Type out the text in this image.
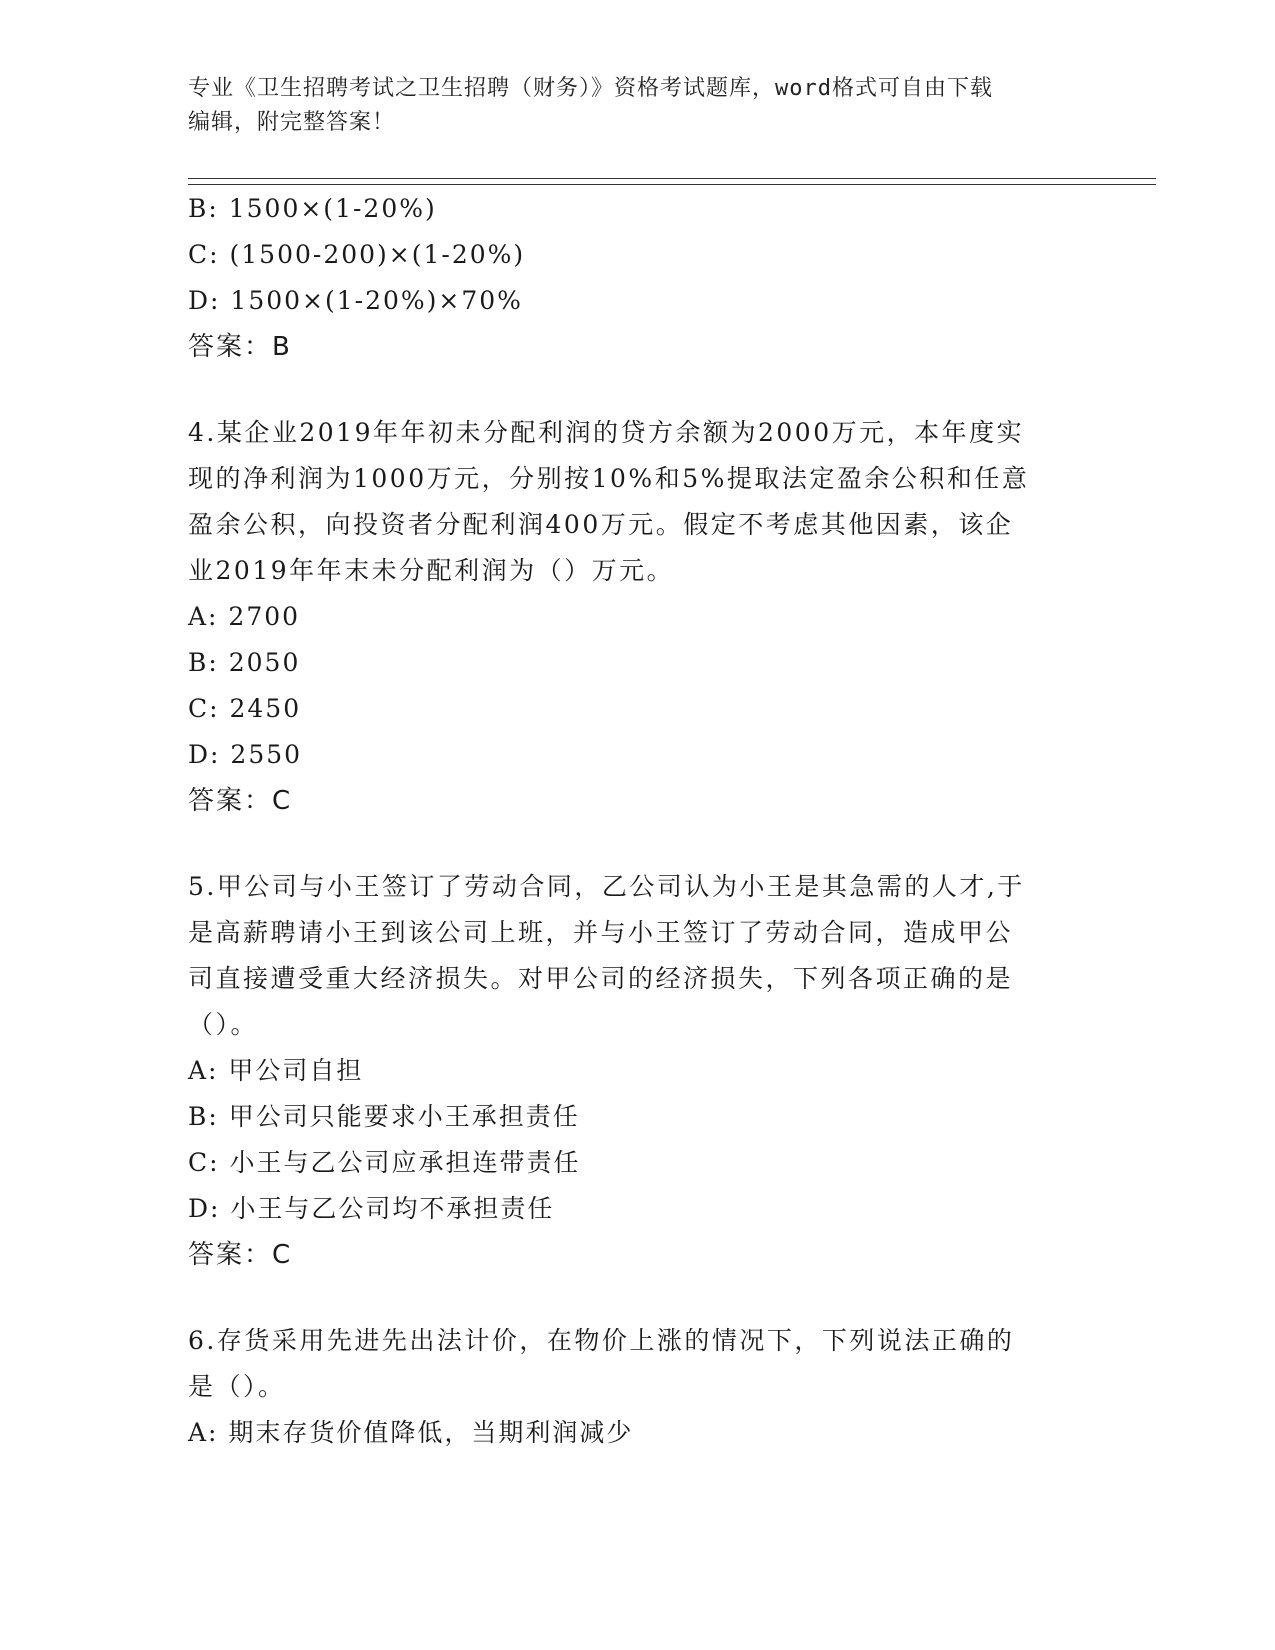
专业《卫生招聘考试之卫生招聘（财务）》资格考试题库，word格式可自由下载
编辑，附完整答案！
B: 1500×(1-20%)
C: (1500-200)×(1-20%)
D: 1500×(1-20%)×70%
答案：B
4.某企业2019年年初未分配利润的贷方余额为2000万元，本年度实
现的净利润为1000万元，分别按10%和5%提取法定盈余公积和任意
盈余公积，向投资者分配利润400万元。假定不考虑其他因素，该企
业2019年年末未分配利润为（）万元。
A: 2700
B: 2050
C: 2450
D: 2550
答案：C
5.甲公司与小王签订了劳动合同，乙公司认为小王是其急需的人才,于
是高薪聘请小王到该公司上班，并与小王签订了劳动合同，造成甲公
司直接遭受重大经济损失。对甲公司的经济损失，下列各项正确的是
（）。
A: 甲公司自担
B: 甲公司只能要求小王承担责任
C: 小王与乙公司应承担连带责任
D: 小王与乙公司均不承担责任
答案：C
6.存货采用先进先出法计价，在物价上涨的情况下，下列说法正确的
是（）。
A: 期末存货价值降低，当期利润减少
